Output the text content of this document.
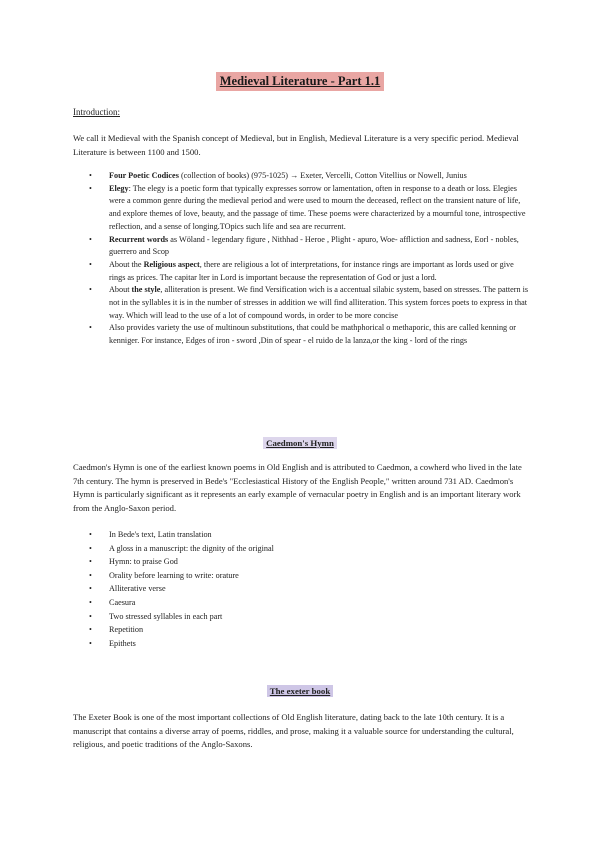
Medieval Literature - Part 1.1
Introduction:

We call it Medieval with the Spanish concept of Medieval, but in English, Medieval Literature is a very specific period. Medieval Literature is between 1100 and 1500.

• Four Poetic Codices (collection of books) (975-1025) → Exeter, Vercelli, Cotton Vitellius or Nowell, Junius
• Elegy: The elegy is a poetic form that typically expresses sorrow or lamentation, often in response to a death or loss. Elegies were a common genre during the medieval period and were used to mourn the deceased, reflect on the transient nature of life, and explore themes of love, beauty, and the passage of time. These poems were characterized by a mournful tone, introspective reflection, and a sense of longing.TOpics such life and sea are recurrent.
• Recurrent words as Wöland - legendary figure , Nithhad - Heroe , Plight - apuro, Woe- affliction and sadness, Eorl - nobles, guerrero and Scop
• About the Religious aspect, there are religious a lot of interpretations, for instance rings are important as lords used or give rings as prices. The capitar lter in Lord is important because the representation of God or just a lord.
• About the style, alliteration is present. We find Versification wich is a accentual silabic system, based on stresses. The pattern is not in the syllables it is in the number of stresses in addition we will find alliteration. This system forces poets to express in that way. Which will lead to the use of a lot of compound words, in order to be more concise
• Also provides variety the use of multinoun substitutions, that could be mathphorical o methaporic, this are called kenning or kenniger. For instance, Edges of iron - sword ,Din of spear - el ruido de la lanza,or the king - lord of the rings
Caedmon's Hymn

Caedmon's Hymn is one of the earliest known poems in Old English and is attributed to Caedmon, a cowherd who lived in the late 7th century. The hymn is preserved in Bede's "Ecclesiastical History of the English People," written around 731 AD. Caedmon's Hymn is particularly significant as it represents an early example of vernacular poetry in English and is an important literary work from the Anglo-Saxon period.

• In Bede's text, Latin translation
• A gloss in a manuscript: the dignity of the original
• Hymn: to praise God
• Orality before learning to write: orature
• Alliterative verse
• Caesura
• Two stressed syllables in each part
• Repetition
• Epithets
The exeter book

The Exeter Book is one of the most important collections of Old English literature, dating back to the late 10th century. It is a manuscript that contains a diverse array of poems, riddles, and prose, making it a valuable source for understanding the cultural, religious, and poetic traditions of the Anglo-Saxons.
